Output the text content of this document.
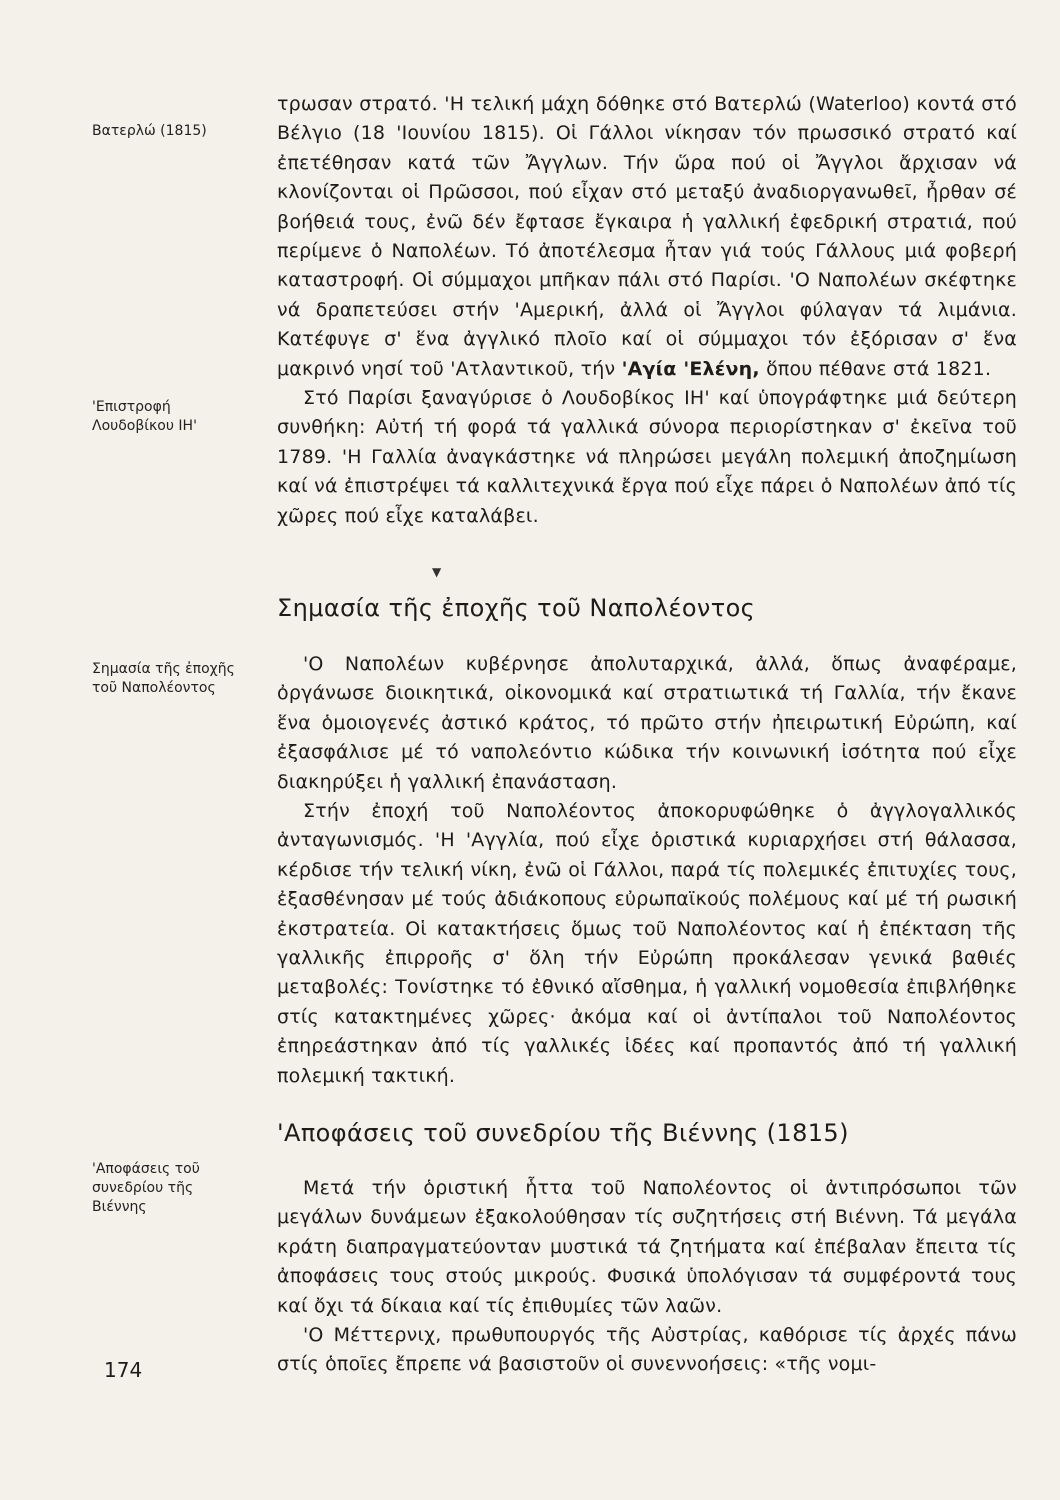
Βατερλώ (1815)
'Επιστροφή Λουδοβίκου ΙΗ'
Σημασία τῆς ἐποχῆς τοῦ Ναπολέοντος
'Αποφάσεις τοῦ συνεδρίου τῆς Βιέννης

τρωσαν στρατό. 'Η τελική μάχη δόθηκε στό Βατερλώ (Waterloo) κοντά στό Βέλγιο (18 'Ιουνίου 1815). Οἱ Γάλλοι νίκησαν τόν πρωσσικό στρατό καί ἐπετέθησαν κατά τῶν Ἄγγλων. Τήν ὥρα πού οἱ Ἄγγλοι ἄρχισαν νά κλονίζονται οἱ Πρῶσσοι, πού εἶχαν στό μεταξύ ἀναδιοργανωθεῖ, ἦρθαν σέ βοήθειά τους, ἐνῶ δέν ἔφτασε ἔγκαιρα ἡ γαλλική ἐφεδρική στρατιά, πού περίμενε ὁ Ναπολέων. Τό ἀποτέλεσμα ἦταν γιά τούς Γάλλους μιά φοβερή καταστροφή. Οἱ σύμμαχοι μπῆκαν πάλι στό Παρίσι. 'Ο Ναπολέων σκέφτηκε νά δραπετεύσει στήν 'Αμερική, ἀλλά οἱ Ἄγγλοι φύλαγαν τά λιμάνια. Κατέφυγε σ' ἕνα ἀγγλικό πλοῖο καί οἱ σύμμαχοι τόν ἐξόρισαν σ' ἕνα μακρινό νησί τοῦ 'Ατλαντικοῦ, τήν 'Αγία 'Ελένη, ὅπου πέθανε στά 1821.

Στό Παρίσι ξαναγύρισε ὁ Λουδοβίκος ΙΗ' καί ὑπογράφτηκε μιά δεύτερη συνθήκη: Αὐτή τή φορά τά γαλλικά σύνορα περιορίστηκαν σ' ἐκεῖνα τοῦ 1789. 'Η Γαλλία ἀναγκάστηκε νά πληρώσει μεγάλη πολεμική ἀποζημίωση καί νά ἐπιστρέψει τά καλλιτεχνικά ἔργα πού εἶχε πάρει ὁ Ναπολέων ἀπό τίς χῶρες πού εἶχε καταλάβει.

▼
Σημασία τῆς ἐποχῆς τοῦ Ναπολέοντος

'Ο Ναπολέων κυβέρνησε ἀπολυταρχικά, ἀλλά, ὅπως ἀναφέραμε, ὀργάνωσε διοικητικά, οἰκονομικά καί στρατιωτικά τή Γαλλία, τήν ἔκανε ἕνα ὁμοιογενές ἀστικό κράτος, τό πρῶτο στήν ἠπειρωτική Εὐρώπη, καί ἐξασφάλισε μέ τό ναπολεόντιο κώδικα τήν κοινωνική ἰσότητα πού εἶχε διακηρύξει ἡ γαλλική ἐπανάσταση.

Στήν ἐποχή τοῦ Ναπολέοντος ἀποκορυφώθηκε ὁ ἀγγλογαλλικός ἀνταγωνισμός. 'Η 'Αγγλία, πού εἶχε ὁριστικά κυριαρχήσει στή θάλασσα, κέρδισε τήν τελική νίκη, ἐνῶ οἱ Γάλλοι, παρά τίς πολεμικές ἐπιτυχίες τους, ἐξασθένησαν μέ τούς ἀδιάκοπους εὐρωπαϊκούς πολέμους καί μέ τή ρωσική ἐκστρατεία. Οἱ κατακτήσεις ὅμως τοῦ Ναπολέοντος καί ἡ ἐπέκταση τῆς γαλλικῆς ἐπιρροῆς σ' ὅλη τήν Εὐρώπη προκάλεσαν γενικά βαθιές μεταβολές: Τονίστηκε τό ἐθνικό αἴσθημα, ἡ γαλλική νομοθεσία ἐπιβλήθηκε στίς κατακτημένες χῶρες· ἀκόμα καί οἱ ἀντίπαλοι τοῦ Ναπολέοντος ἐπηρεάστηκαν ἀπό τίς γαλλικές ἰδέες καί προπαντός ἀπό τή γαλλική πολεμική τακτική.

'Αποφάσεις τοῦ συνεδρίου τῆς Βιέννης (1815)

Μετά τήν ὁριστική ἧττα τοῦ Ναπολέοντος οἱ ἀντιπρόσωποι τῶν μεγάλων δυνάμεων ἐξακολούθησαν τίς συζητήσεις στή Βιέννη. Τά μεγάλα κράτη διαπραγματεύονταν μυστικά τά ζητήματα καί ἐπέβαλαν ἔπειτα τίς ἀποφάσεις τους στούς μικρούς. Φυσικά ὑπολόγισαν τά συμφέροντά τους καί ὄχι τά δίκαια καί τίς ἐπιθυμίες τῶν λαῶν.

'Ο Μέττερνιχ, πρωθυπουργός τῆς Αὐστρίας, καθόρισε τίς ἀρχές πάνω στίς ὁποῖες ἔπρεπε νά βασιστοῦν οἱ συνεννοήσεις: «τῆς νομι-

174
